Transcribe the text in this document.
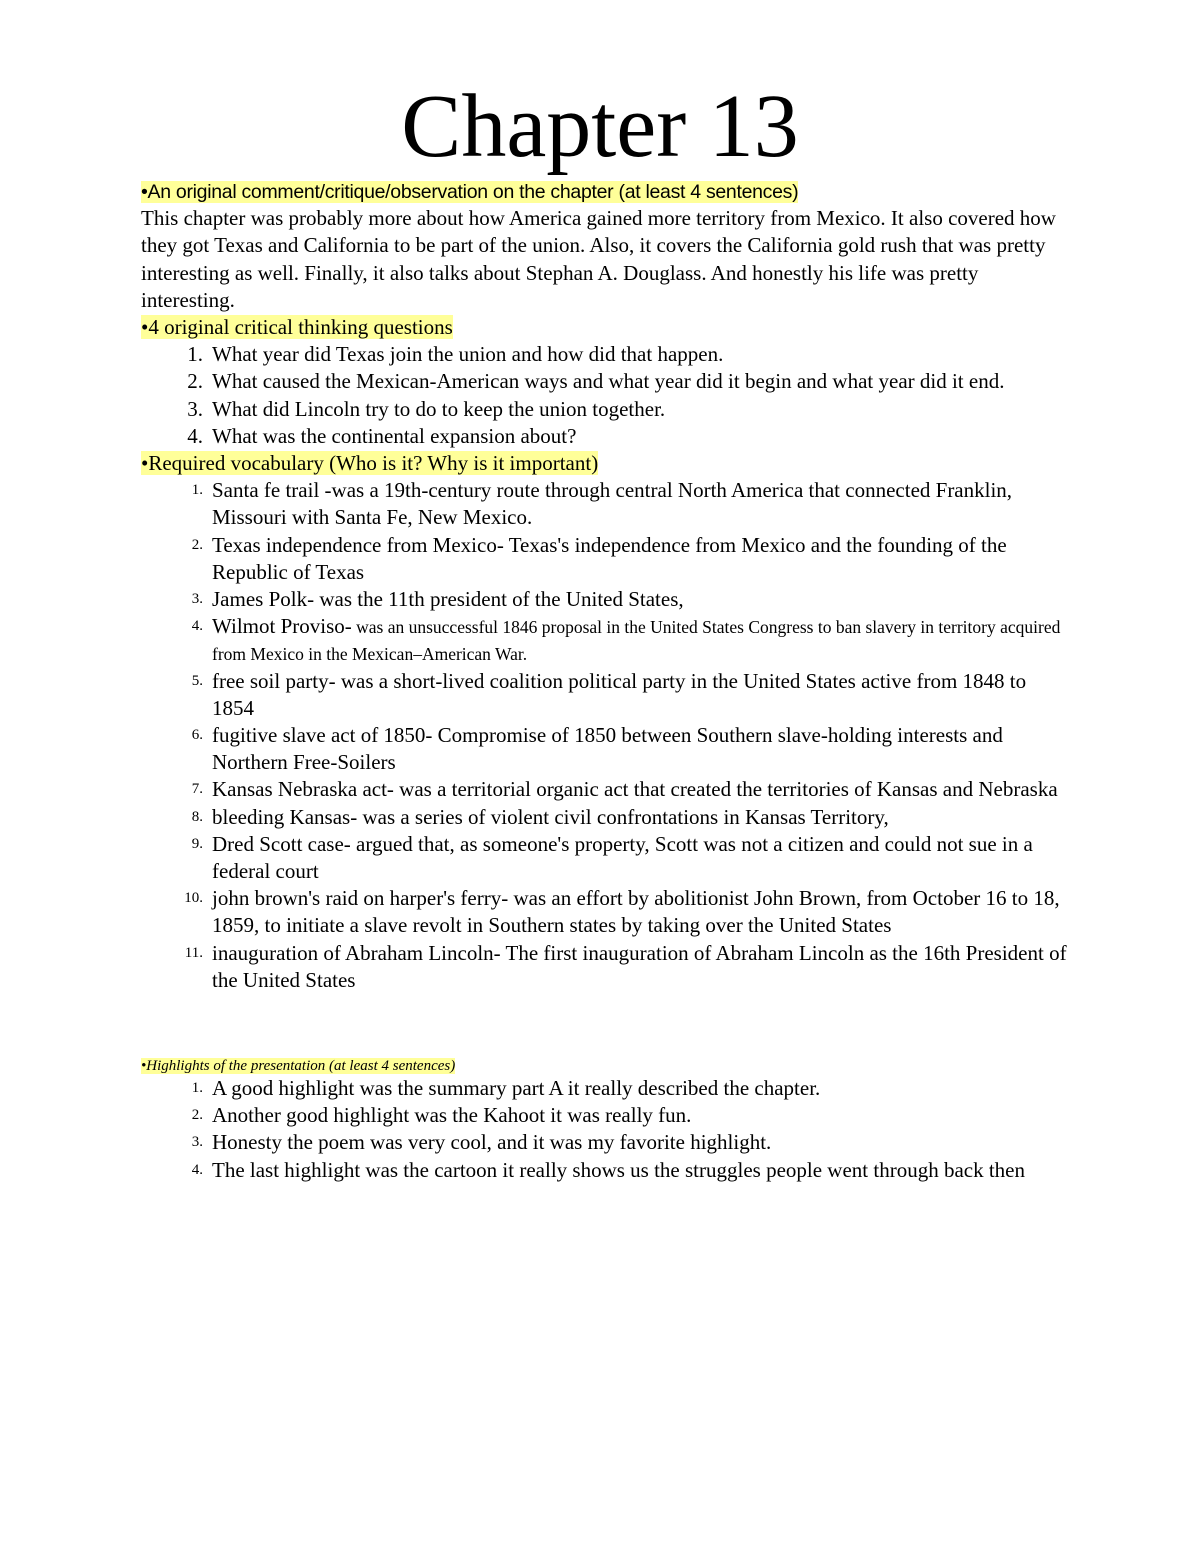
Chapter 13
•An original comment/critique/observation on the chapter (at least 4 sentences)

This chapter was probably more about how America gained more territory from Mexico. It also covered how they got Texas and California to be part of the union. Also, it covers the California gold rush that was pretty interesting as well. Finally, it also talks about Stephan A. Douglass. And honestly his life was pretty interesting.

•4 original critical thinking questions
1. What year did Texas join the union and how did that happen.
2. What caused the Mexican-American ways and what year did it begin and what year did it end.
3. What did Lincoln try to do to keep the union together.
4. What was the continental expansion about?
•Required vocabulary (Who is it? Why is it important)
1. Santa fe trail -was a 19th-century route through central North America that connected Franklin, Missouri with Santa Fe, New Mexico.
2. Texas independence from Mexico- Texas's independence from Mexico and the founding of the Republic of Texas
3. James Polk- was the 11th president of the United States,
4. Wilmot Proviso- was an unsuccessful 1846 proposal in the United States Congress to ban slavery in territory acquired from Mexico in the Mexican–American War.
5. free soil party- was a short-lived coalition political party in the United States active from 1848 to 1854
6. fugitive slave act of 1850- Compromise of 1850 between Southern slave-holding interests and Northern Free-Soilers
7. Kansas Nebraska act- was a territorial organic act that created the territories of Kansas and Nebraska
8. bleeding Kansas- was a series of violent civil confrontations in Kansas Territory,
9. Dred Scott case- argued that, as someone's property, Scott was not a citizen and could not sue in a federal court
10. john brown's raid on harper's ferry- was an effort by abolitionist John Brown, from October 16 to 18, 1859, to initiate a slave revolt in Southern states by taking over the United States
11. inauguration of Abraham Lincoln- The first inauguration of Abraham Lincoln as the 16th President of the United States
•Highlights of the presentation (at least 4 sentences)
1. A good highlight was the summary part A it really described the chapter.
2. Another good highlight was the Kahoot it was really fun.
3. Honesty the poem was very cool, and it was my favorite highlight.
4. The last highlight was the cartoon it really shows us the struggles people went through back then
